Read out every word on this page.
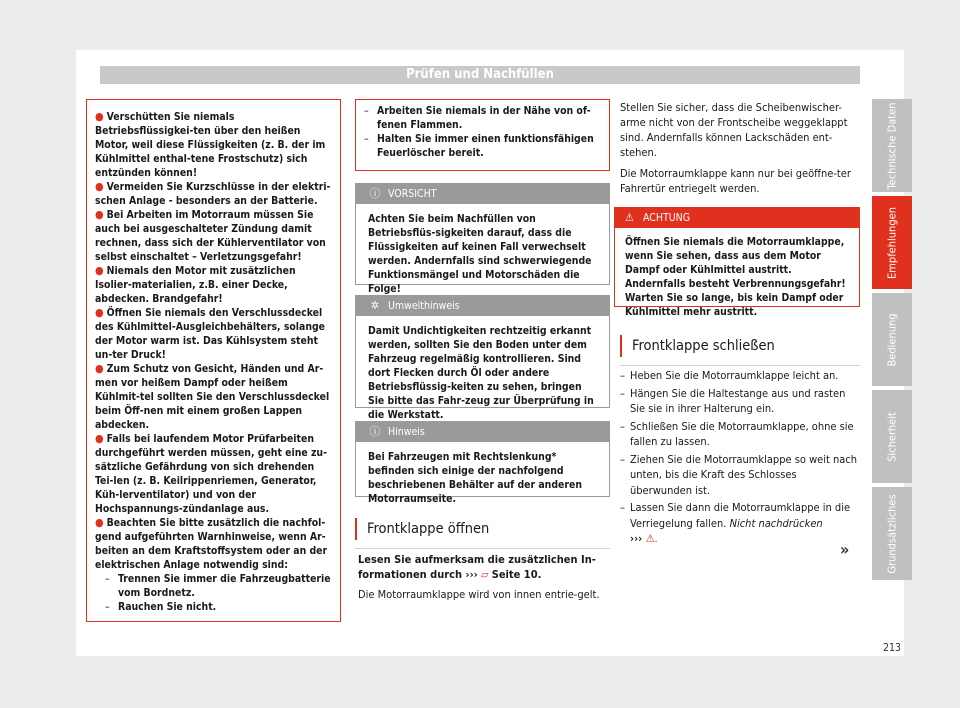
Prüfen und Nachfüllen
● Verschütten Sie niemals Betriebsflüssigkei-ten über den heißen Motor, weil diese Flüssigkeiten (z. B. der im Kühlmittel enthal-tene Frostschutz) sich entzünden können!
● Vermeiden Sie Kurzschlüsse in der elektri-schen Anlage - besonders an der Batterie.
● Bei Arbeiten im Motorraum müssen Sie auch bei ausgeschalteter Zündung damit rechnen, dass sich der Kühlerventilator von selbst einschaltet – Verletzungsgefahr!
● Niemals den Motor mit zusätzlichen Isolier-materialien, z.B. einer Decke, abdecken. Brandgefahr!
● Öffnen Sie niemals den Verschlussdeckel des Kühlmittel-Ausgleichbehälters, solange der Motor warm ist. Das Kühlsystem steht un-ter Druck!
● Zum Schutz von Gesicht, Händen und Ar-men vor heißem Dampf oder heißem Kühlmit-tel sollten Sie den Verschlussdeckel beim Öff-nen mit einem großen Lappen abdecken.
● Falls bei laufendem Motor Prüfarbeiten durchgeführt werden müssen, geht eine zu-sätzliche Gefährdung von sich drehenden Tei-len (z. B. Keilrippenriemen, Generator, Küh-lerventilator) und von der Hochspannungs-zündanlage aus.
● Beachten Sie bitte zusätzlich die nachfol-gend aufgeführten Warnhinweise, wenn Ar-beiten an dem Kraftstoffsystem oder an der elektrischen Anlage notwendig sind:
– Trennen Sie immer die Fahrzeugbatterie vom Bordnetz.
– Rauchen Sie nicht.
– Arbeiten Sie niemals in der Nähe von of-fenen Flammen.
– Halten Sie immer einen funktionsfähigen Feuerlöscher bereit.
ⓘ VORSICHT
Achten Sie beim Nachfüllen von Betriebsflüs-sigkeiten darauf, dass die Flüssigkeiten auf keinen Fall verwechselt werden. Andernfalls sind schwerwiegende Funktionsmängel und Motorschäden die Folge!
✲ Umwelthinweis
Damit Undichtigkeiten rechtzeitig erkannt werden, sollten Sie den Boden unter dem Fahrzeug regelmäßig kontrollieren. Sind dort Flecken durch Öl oder andere Betriebsflüssig-keiten zu sehen, bringen Sie bitte das Fahr-zeug zur Überprüfung in die Werkstatt.
ⓘ Hinweis
Bei Fahrzeugen mit Rechtslenkung* befinden sich einige der nachfolgend beschriebenen Behälter auf der anderen Motorraumseite.
Frontklappe öffnen
Lesen Sie aufmerksam die zusätzlichen In-formationen durch ››› ▱ Seite 10.
Die Motorraumklappe wird von innen entrie-gelt.
Stellen Sie sicher, dass die Scheibenwischer-arme nicht von der Frontscheibe weggeklappt sind. Andernfalls können Lackschäden ent-stehen.
Die Motorraumklappe kann nur bei geöffne-ter Fahrertür entriegelt werden.
⚠ ACHTUNG
Öffnen Sie niemals die Motorraumklappe, wenn Sie sehen, dass aus dem Motor Dampf oder Kühlmittel austritt. Andernfalls besteht Verbrennungsgefahr! Warten Sie so lange, bis kein Dampf oder Kühlmittel mehr austritt.
Frontklappe schließen
– Heben Sie die Motorraumklappe leicht an.
– Hängen Sie die Haltestange aus und rasten Sie sie in ihrer Halterung ein.
– Schließen Sie die Motorraumklappe, ohne sie fallen zu lassen.
– Ziehen Sie die Motorraumklappe so weit nach unten, bis die Kraft des Schlosses überwunden ist.
– Lassen Sie dann die Motorraumklappe in die Verriegelung fallen. Nicht nachdrücken
››› ⚠.
»
Technische Daten
Empfehlungen
Bedienung
Sicherheit
Grundsätzliches
213
